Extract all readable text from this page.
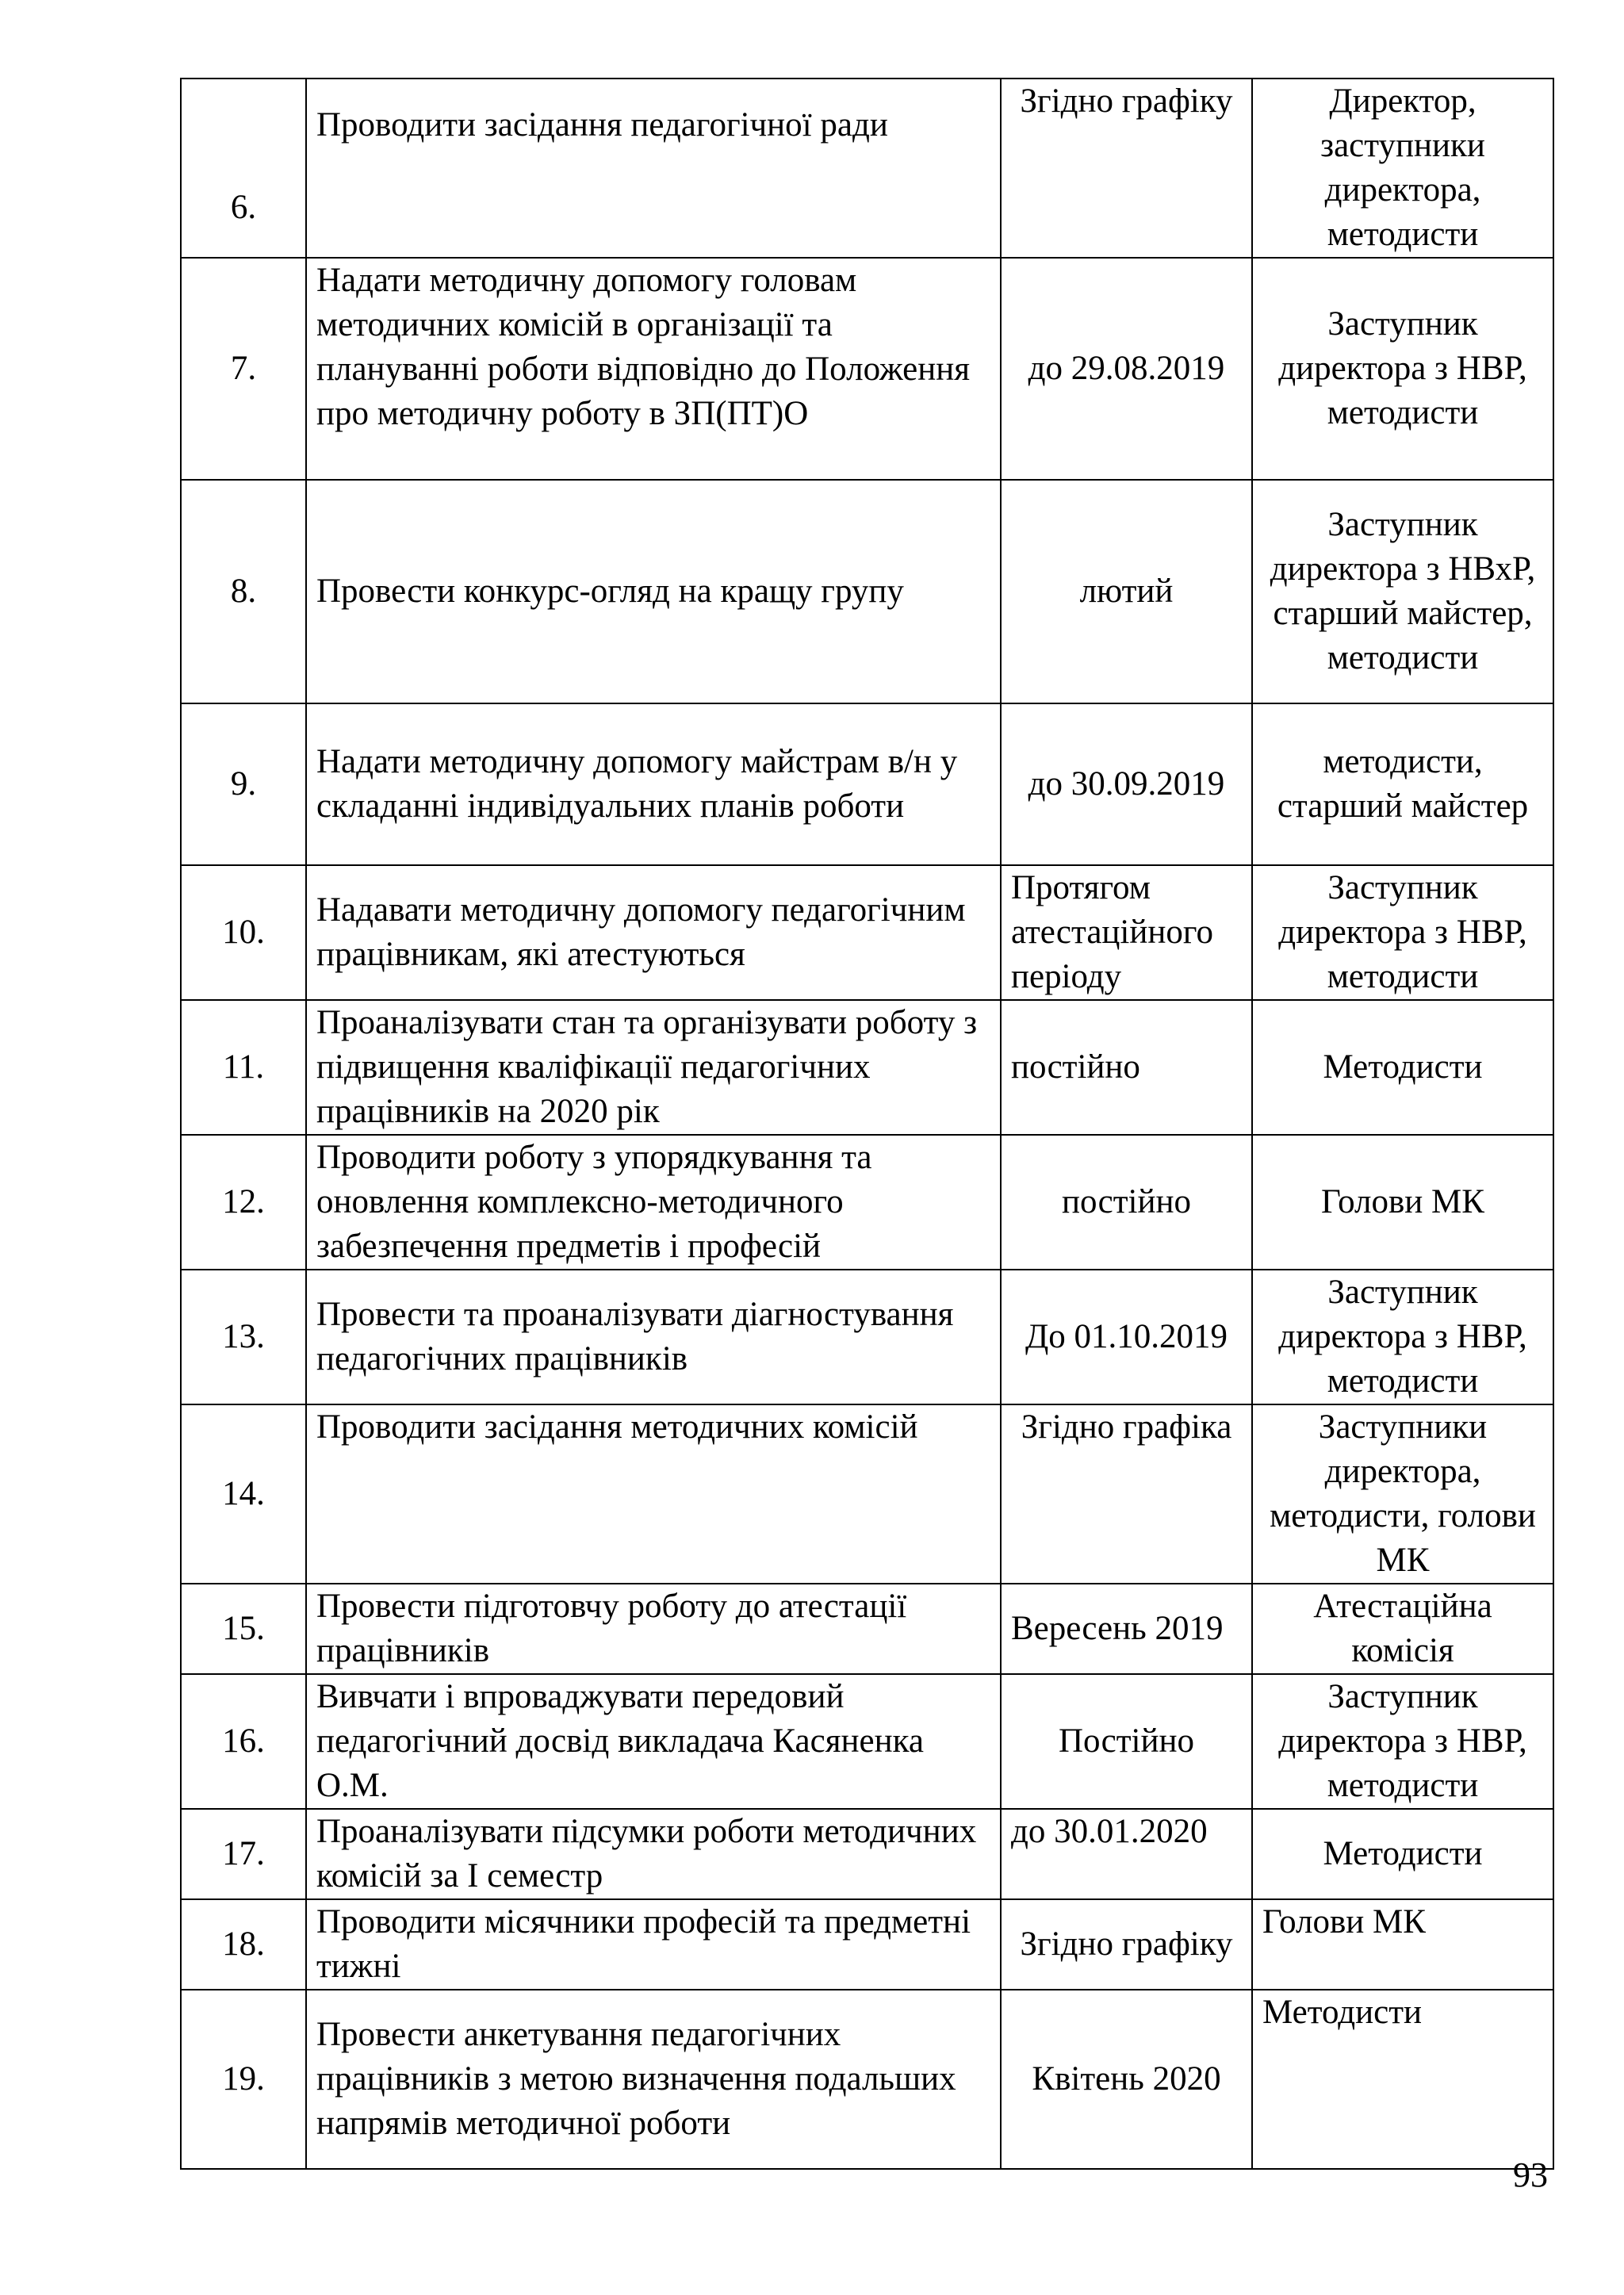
6.	Проводити засідання педагогічної ради	Згідно графіку	Директор, заступники директора, методисти
7.	Надати методичну допомогу головам методичних комісій в організації та плануванні роботи відповідно до Положення про методичну роботу в ЗП(ПТ)О	до 29.08.2019	Заступник директора з НВР, методисти
8.	Провести конкурс-огляд на кращу групу	лютий	Заступник директора з НВхР, старший майстер, методисти
9.	Надати методичну допомогу майстрам в/н у складанні індивідуальних планів роботи	до 30.09.2019	методисти, старший майстер
10.	Надавати методичну допомогу педагогічним працівникам, які атестуються	Протягом атестаційного періоду	Заступник директора з НВР, методисти
11.	Проаналізувати стан та організувати роботу з підвищення кваліфікації педагогічних працівників на 2020 рік	постійно	Методисти
12.	Проводити роботу з упорядкування та оновлення комплексно-методичного забезпечення предметів і професій	постійно	Голови МК
13.	Провести та проаналізувати діагностування педагогічних працівників	До 01.10.2019	Заступник директора з НВР, методисти
14.	Проводити засідання методичних комісій	Згідно графіка	Заступники директора, методисти, голови МК
15.	Провести підготовчу роботу до атестації працівників	Вересень 2019	Атестаційна комісія
16.	Вивчати і впроваджувати передовий педагогічний досвід викладача Касяненка О.М.	Постійно	Заступник директора з НВР, методисти
17.	Проаналізувати підсумки роботи методичних комісій за І семестр	до 30.01.2020	Методисти
18.	Проводити місячники професій та предметні тижні	Згідно графіку	Голови МК
19.	Провести анкетування педагогічних працівників з метою визначення подальших напрямів методичної роботи	Квітень 2020	Методисти
93
